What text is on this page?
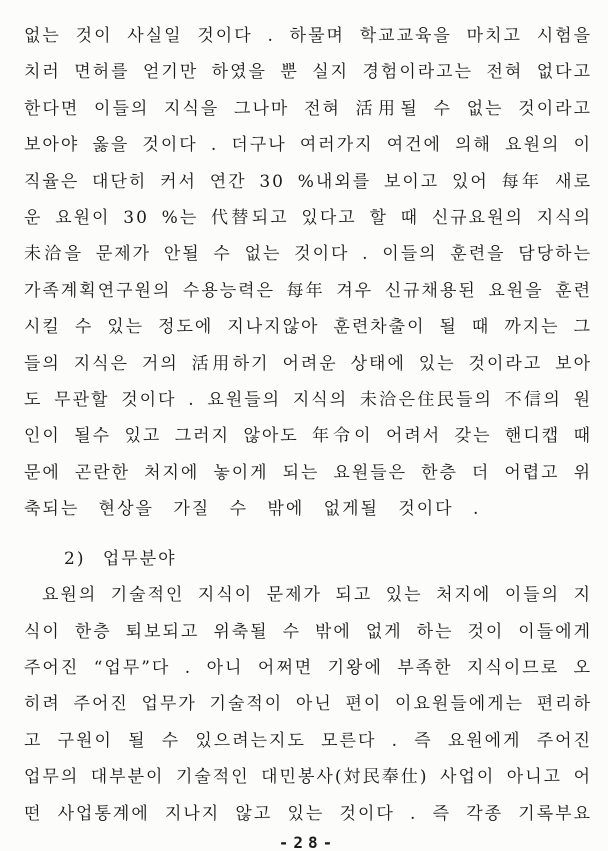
없는 것이 사실일 것이다 . 하물며 학교교육을 마치고 시험을
치러 면허를 얻기만 하였을 뿐 실지 경험이라고는 전혀 없다고
한다면 이들의 지식을 그나마 전혀 活用될 수 없는 것이라고
보아야 옳을 것이다 . 더구나 여러가지 여건에 의해 요원의 이
직율은 대단히 커서 연간 30 %내외를 보이고 있어 每年 새로
운 요원이 30 %는 代替되고 있다고 할 때 신규요원의 지식의
未洽을 문제가 안될 수 없는 것이다 . 이들의 훈련을 담당하는
가족계획연구원의 수용능력은 每年 겨우 신규채용된 요원을 훈련
시킬 수 있는 정도에 지나지않아 훈련차출이 될 때 까지는 그
들의 지식은 거의 活用하기 어려운 상태에 있는 것이라고 보아
도 무관할 것이다 . 요원들의 지식의 未洽은住民들의 不信의 원
인이 될수 있고 그러지 않아도 年令이 어려서 갖는 핸디캡 때
문에 곤란한 처지에 놓이게 되는 요원들은 한층 더 어렵고 위
축되는 현상을 가질 수 밖에 없게될 것이다 .
2) 업무분야
요원의 기술적인 지식이 문제가 되고 있는 처지에 이들의 지
식이 한층 퇴보되고 위축될 수 밖에 없게 하는 것이 이들에게
주어진 “업무”다 . 아니 어쩌면 기왕에 부족한 지식이므로 오
히려 주어진 업무가 기술적이 아닌 편이 이요원들에게는 편리하
고 구원이 될 수 있으려는지도 모른다 . 즉 요원에게 주어진
업무의 대부분이 기술적인 대민봉사(対民奉仕) 사업이 아니고 어
떤 사업통계에 지나지 않고 있는 것이다 . 즉 각종 기록부요
-28-
